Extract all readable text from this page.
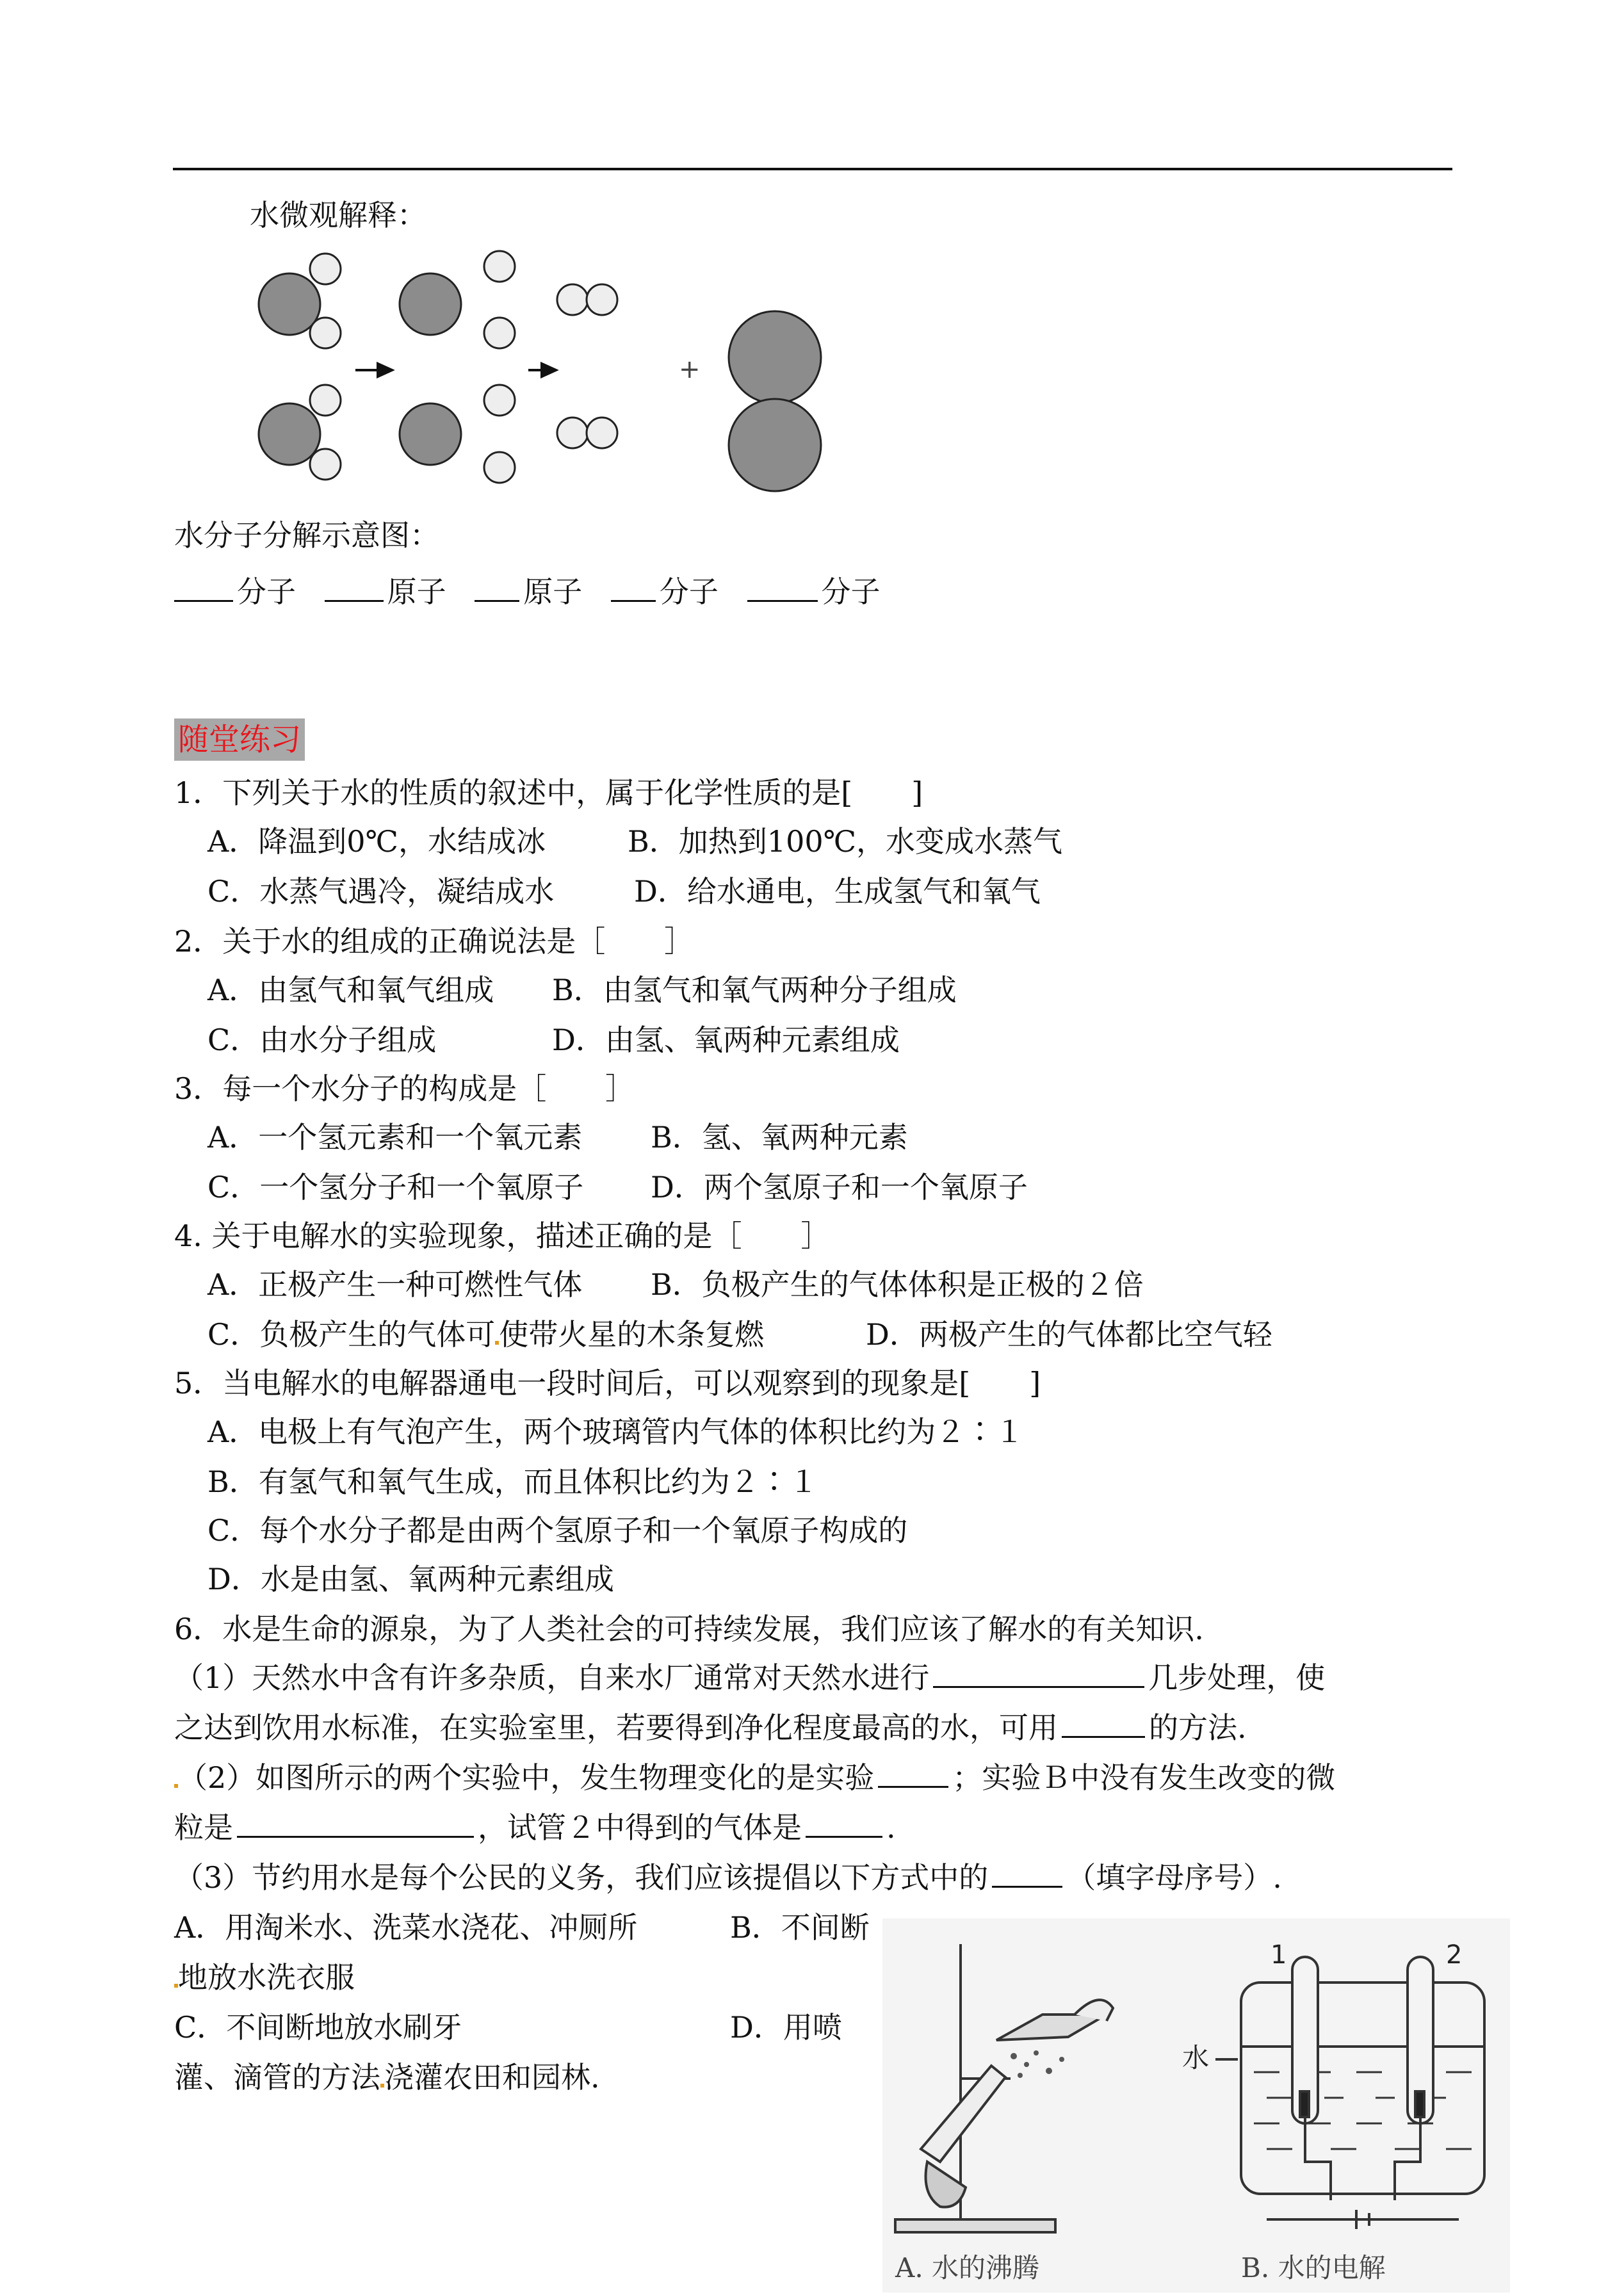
水微观解释：
+
水分子分解示意图：
分子	原子	原子	分子	分子
随堂练习
1．下列关于水的性质的叙述中，属于化学性质的是[　　]
A．降温到0℃，水结成冰	B．加热到100℃，水变成水蒸气
C．水蒸气遇冷，凝结成水	D．给水通电，生成氢气和氧气
2．关于水的组成的正确说法是［　　］
A．由氢气和氧气组成 B．由氢气和氧气两种分子组成
C．由水分子组成	D．由氢、氧两种元素组成
3．每一个水分子的构成是［　　］
A．一个氢元素和一个氧元素 B．氢、氧两种元素
C．一个氢分子和一个氧原子 D．两个氢原子和一个氧原子
4. 关于电解水的实验现象，描述正确的是［　　］
A．正极产生一种可燃性气体 B．负极产生的气体体积是正极的２倍
C．负极产生的气体可 使带火星的木条复燃	D．两极产生的气体都比空气轻
5．当电解水的电解器通电一段时间后，可以观察到的现象是[　　]
A．电极上有气泡产生，两个玻璃管内气体的体积比约为２∶１
B．有氢气和氧气生成，而且体积比约为２∶１
C．每个水分子都是由两个氢原子和一个氧原子构成的
D．水是由氢、氧两种元素组成
6．水是生命的源泉，为了人类社会的可持续发展，我们应该了解水的有关知识.
（1）天然水中含有许多杂质，自来水厂通常对天然水进行	几步处理，使
之达到饮用水标准，在实验室里，若要得到净化程度最高的水，可用	的方法.
（2）如图所示的两个实验中，发生物理变化的是实验	；实验Ｂ中没有发生改变的微
粒是	，试管２中得到的气体是	.
（3）节约用水是每个公民的义务，我们应该提倡以下方式中的	（填字母序号）.
A．用淘米水、洗菜水浇花、冲厕所	B．不间断
地放水洗衣服
C．不间断地放水刷牙	D．用喷
灌、滴管的方法 浇灌农田和园林.
1	2
水
A. 水的沸腾	B. 水的电解
